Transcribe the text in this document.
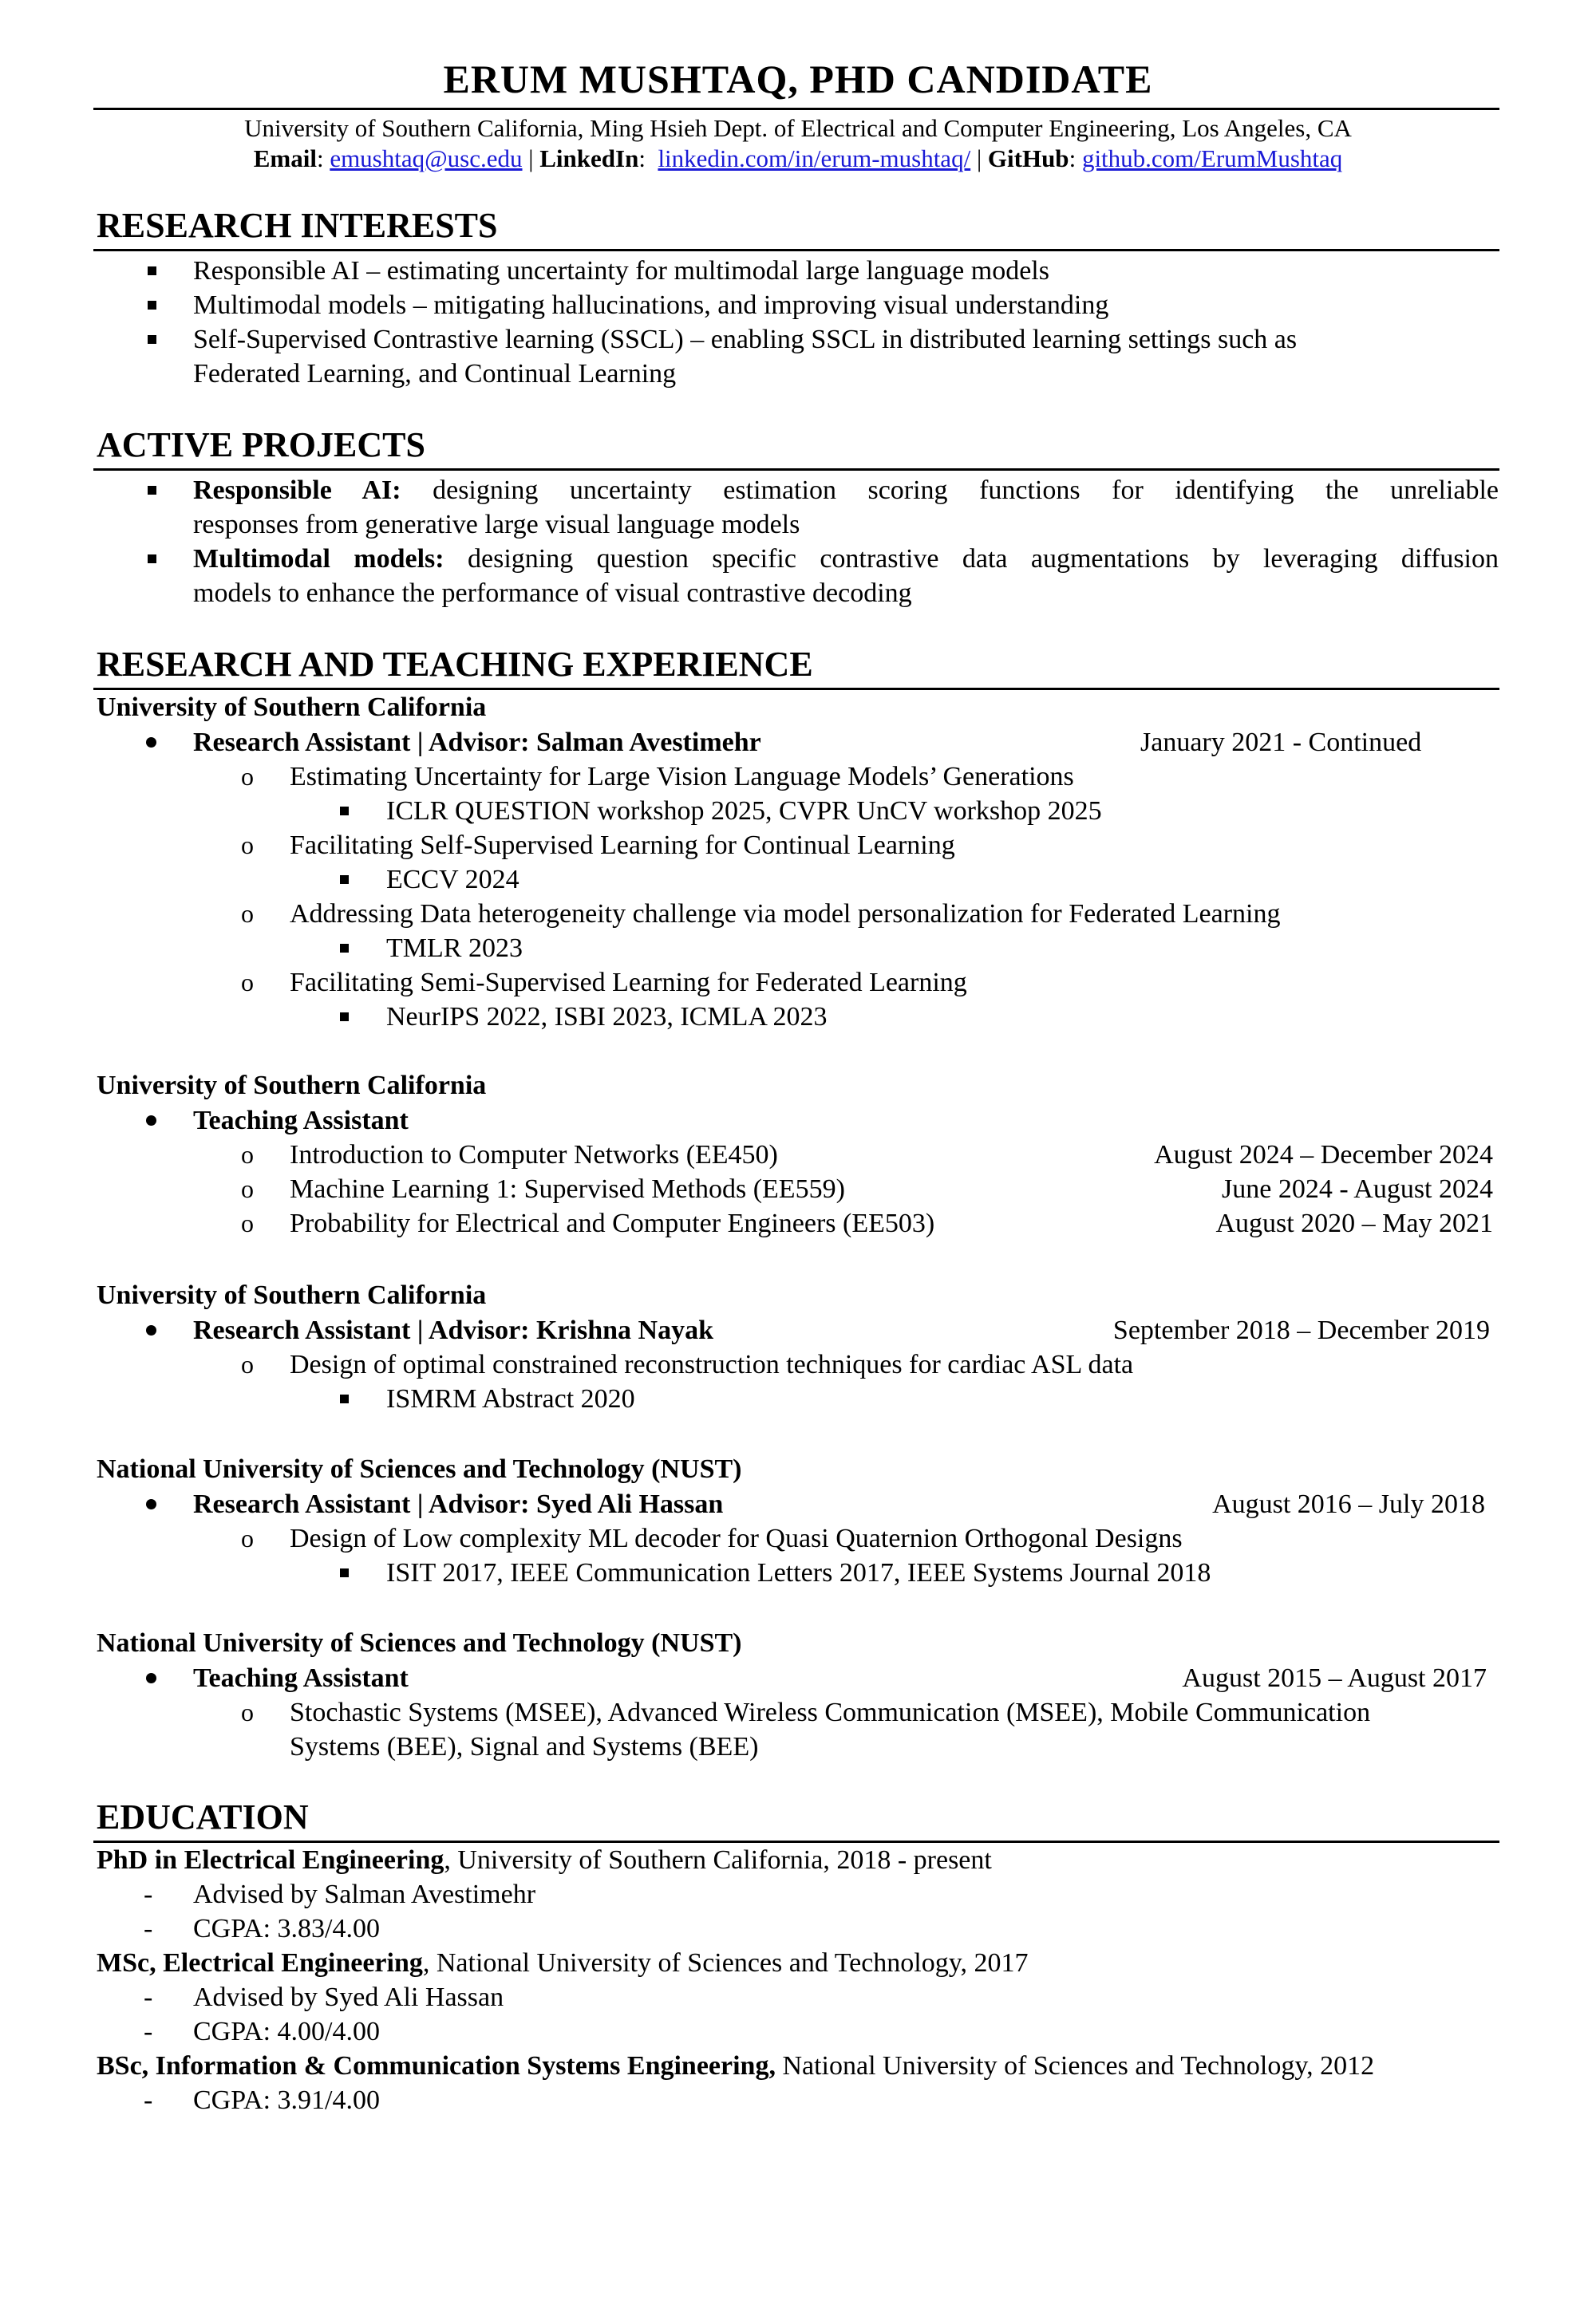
ERUM MUSHTAQ, PHD CANDIDATE
University of Southern California, Ming Hsieh Dept. of Electrical and Computer Engineering, Los Angeles, CA
Email: emushtaq@usc.edu | LinkedIn:  linkedin.com/in/erum-mushtaq/ | GitHub: github.com/ErumMushtaq
RESEARCH INTERESTS
Responsible AI – estimating uncertainty for multimodal large language models
Multimodal models – mitigating hallucinations, and improving visual understanding
Self-Supervised Contrastive learning (SSCL) – enabling SSCL in distributed learning settings such as
Federated Learning, and Continual Learning
ACTIVE PROJECTS
Responsible AI: designing uncertainty estimation scoring functions for identifying the unreliable
responses from generative large visual language models
Multimodal models: designing question specific contrastive data augmentations by leveraging diffusion
models to enhance the performance of visual contrastive decoding
RESEARCH AND TEACHING EXPERIENCE
University of Southern California
Research Assistant | Advisor: Salman Avestimehr	January 2021 - Continued
o Estimating Uncertainty for Large Vision Language Models’ Generations
ICLR QUESTION workshop 2025, CVPR UnCV workshop 2025
o Facilitating Self-Supervised Learning for Continual Learning
ECCV 2024
o Addressing Data heterogeneity challenge via model personalization for Federated Learning
TMLR 2023
o Facilitating Semi-Supervised Learning for Federated Learning
NeurIPS 2022, ISBI 2023, ICMLA 2023
University of Southern California
Teaching Assistant
o Introduction to Computer Networks (EE450)	August 2024 – December 2024
o Machine Learning 1: Supervised Methods (EE559)	June 2024 - August 2024
o Probability for Electrical and Computer Engineers (EE503)	August 2020 – May 2021
University of Southern California
Research Assistant | Advisor: Krishna Nayak	September 2018 – December 2019
o Design of optimal constrained reconstruction techniques for cardiac ASL data
ISMRM Abstract 2020
National University of Sciences and Technology (NUST)
Research Assistant | Advisor: Syed Ali Hassan	August 2016 – July 2018
o Design of Low complexity ML decoder for Quasi Quaternion Orthogonal Designs
ISIT 2017, IEEE Communication Letters 2017, IEEE Systems Journal 2018
National University of Sciences and Technology (NUST)
Teaching Assistant	August 2015 – August 2017
o Stochastic Systems (MSEE), Advanced Wireless Communication (MSEE), Mobile Communication
Systems (BEE), Signal and Systems (BEE)
EDUCATION
PhD in Electrical Engineering, University of Southern California, 2018 - present
- Advised by Salman Avestimehr
- CGPA: 3.83/4.00
MSc, Electrical Engineering, National University of Sciences and Technology, 2017
- Advised by Syed Ali Hassan
- CGPA: 4.00/4.00
BSc, Information & Communication Systems Engineering, National University of Sciences and Technology, 2012
- CGPA: 3.91/4.00
